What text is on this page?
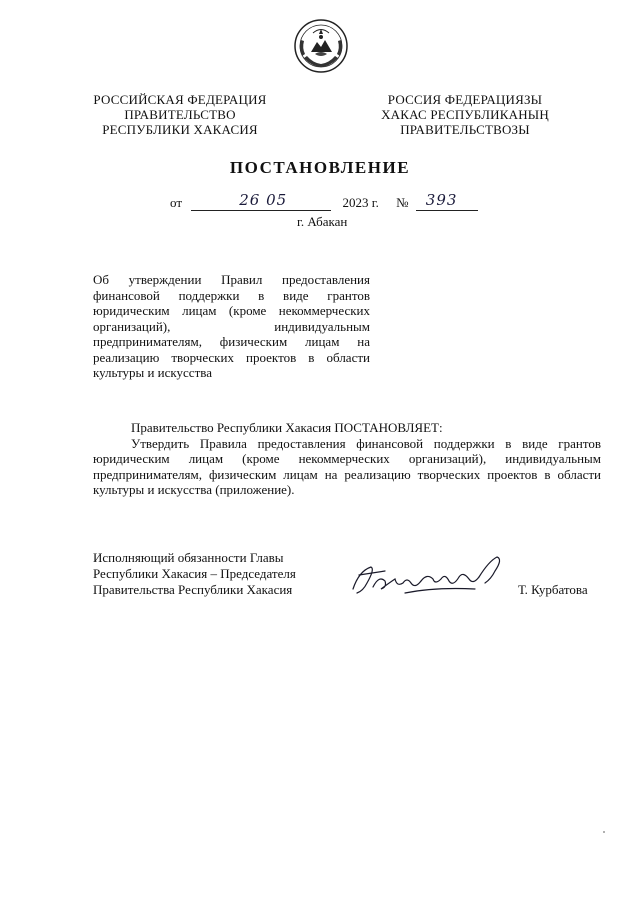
РОССИЙСКАЯ ФЕДЕРАЦИЯ
ПРАВИТЕЛЬСТВО
РЕСПУБЛИКИ ХАКАСИЯ
РОССИЯ ФЕДЕРАЦИЯЗЫ
ХАКАС РЕСПУБЛИКАНЫҢ
ПРАВИТЕЛЬСТВОЗЫ
ПОСТАНОВЛЕНИЕ
от	26 05	2023 г. № 393
г. Абакан

Об утверждении Правил предоставления финансовой поддержки в виде грантов юридическим лицам (кроме некоммерческих организаций), индивидуальным предпринимателям, физическим лицам на реализацию творческих проектов в области культуры и искусства

Правительство Республики Хакасия ПОСТАНОВЛЯЕТ:

Утвердить Правила предоставления финансовой поддержки в виде грантов юридическим лицам (кроме некоммерческих организаций), индивидуальным предпринимателям, физическим лицам на реализацию творческих проектов в области культуры и искусства (приложение).

Исполняющий обязанности Главы
Республики Хакасия – Председателя
Правительства Республики Хакасия	Т. Курбатова
